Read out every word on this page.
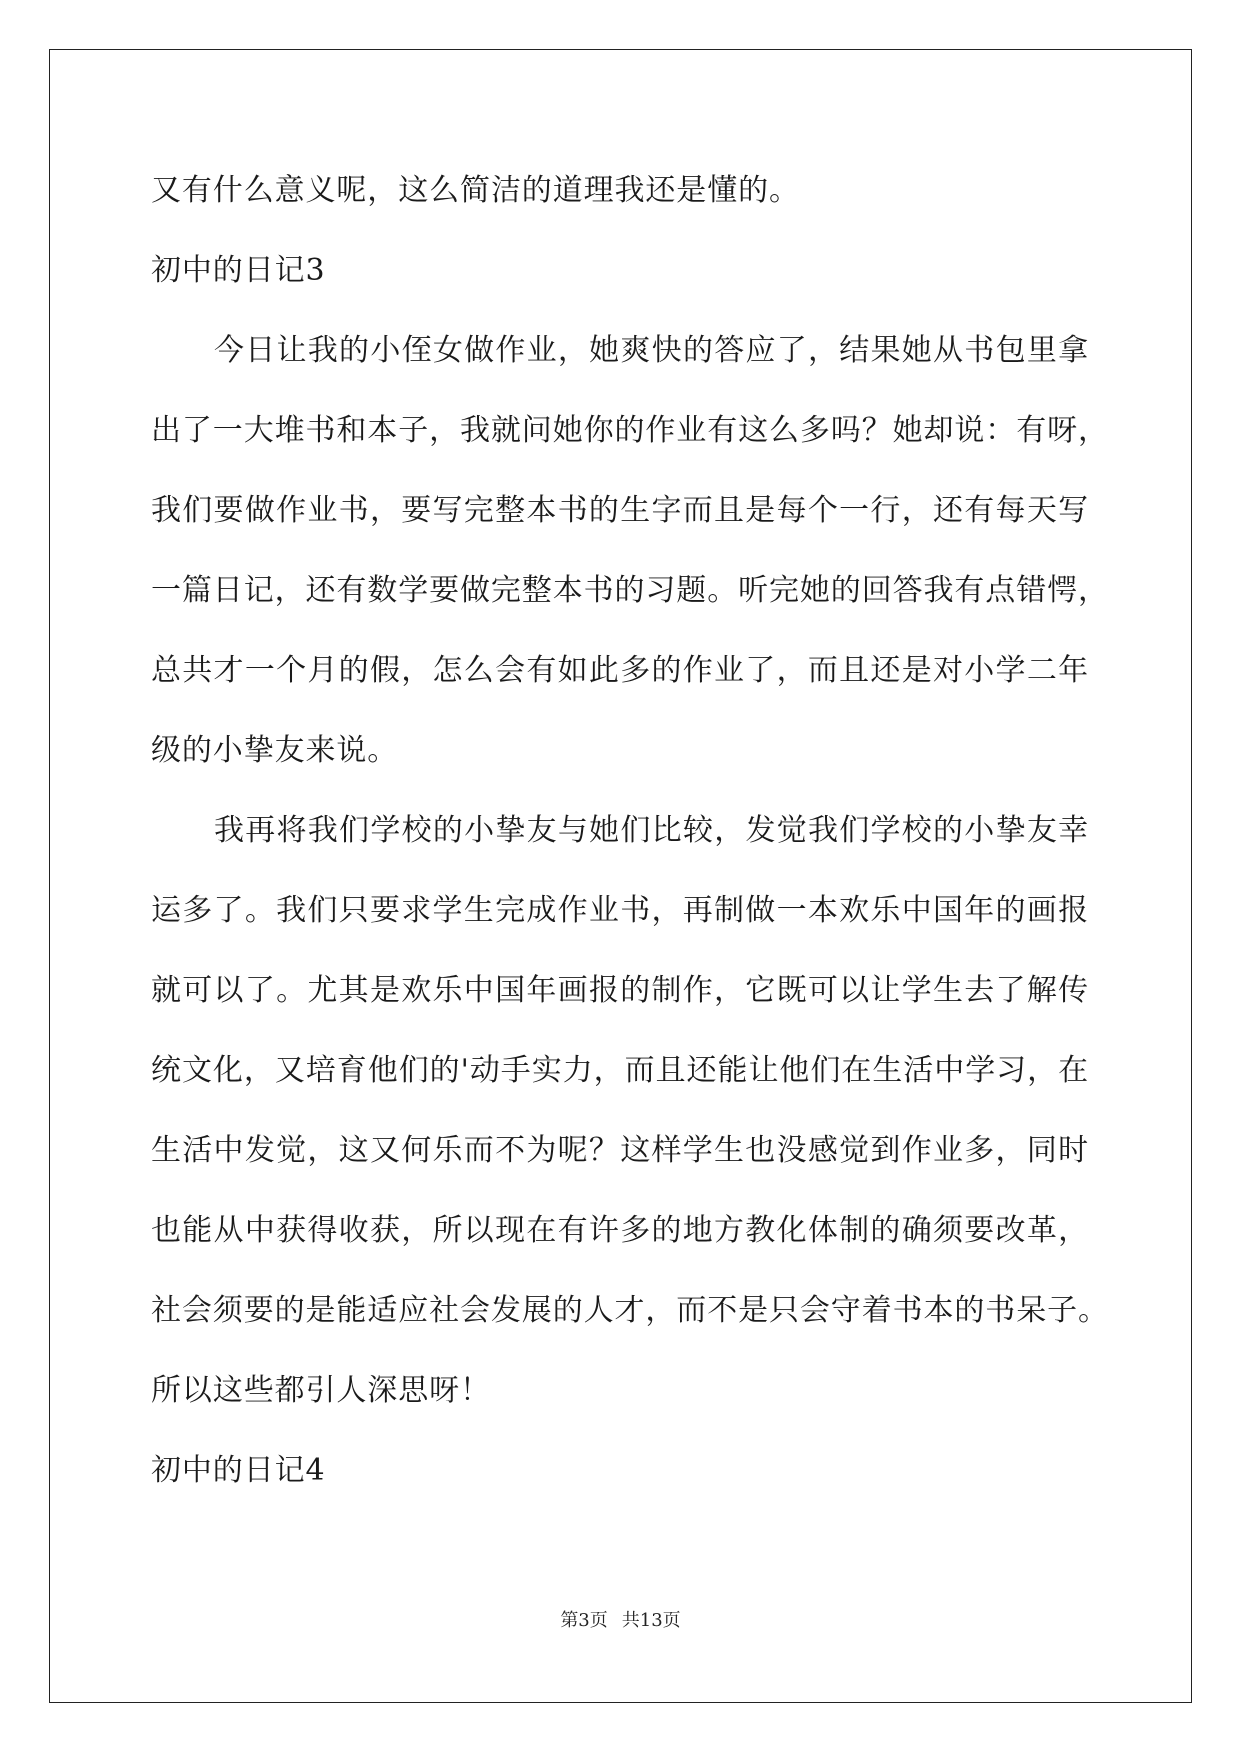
又有什么意义呢，这么简洁的道理我还是懂的。
初中的日记3
今日让我的小侄女做作业，她爽快的答应了，结果她从书包里拿
出了一大堆书和本子，我就问她你的作业有这么多吗？她却说：有呀，
我们要做作业书，要写完整本书的生字而且是每个一行，还有每天写
一篇日记，还有数学要做完整本书的习题。听完她的回答我有点错愕，
总共才一个月的假，怎么会有如此多的作业了，而且还是对小学二年
级的小挚友来说。
我再将我们学校的小挚友与她们比较，发觉我们学校的小挚友幸
运多了。我们只要求学生完成作业书，再制做一本欢乐中国年的画报
就可以了。尤其是欢乐中国年画报的制作，它既可以让学生去了解传
统文化，又培育他们的'动手实力，而且还能让他们在生活中学习，在
生活中发觉，这又何乐而不为呢？这样学生也没感觉到作业多，同时
也能从中获得收获，所以现在有许多的地方教化体制的确须要改革，
社会须要的是能适应社会发展的人才，而不是只会守着书本的书呆子。
所以这些都引人深思呀！
初中的日记4
第3页 共13页
